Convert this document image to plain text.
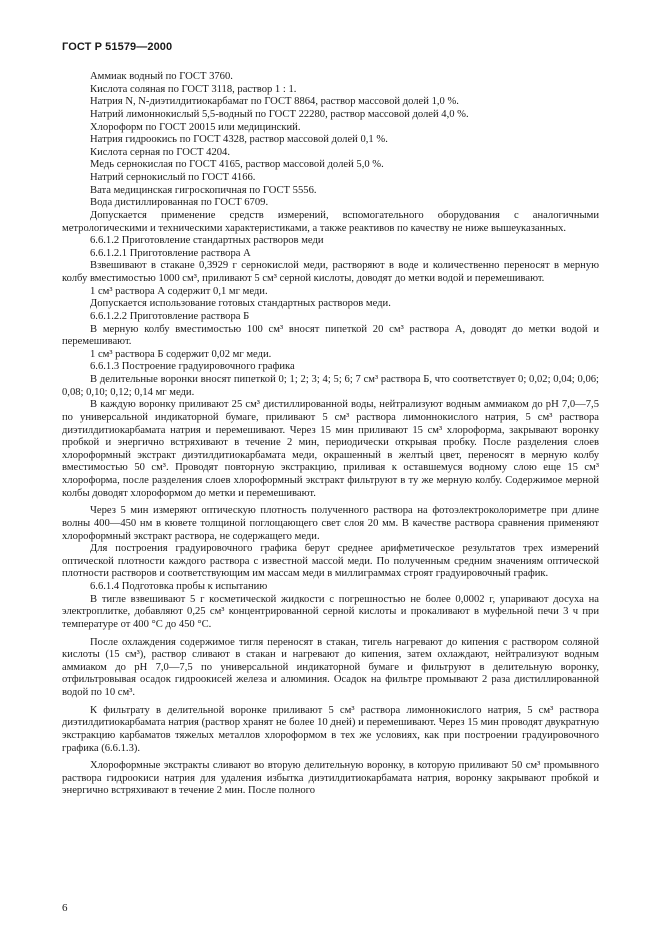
ГОСТ Р 51579—2000

Аммиак водный по ГОСТ 3760.

Кислота соляная по ГОСТ 3118, раствор 1 : 1.

Натрия N, N-диэтилдитиокарбамат по ГОСТ 8864, раствор массовой долей 1,0 %.

Натрий лимоннокислый 5,5-водный по ГОСТ 22280, раствор массовой долей 4,0 %.

Хлороформ по ГОСТ 20015 или медицинский.

Натрия гидроокись по ГОСТ 4328, раствор массовой долей 0,1 %.

Кислота серная по ГОСТ 4204.

Медь сернокислая по ГОСТ 4165, раствор массовой долей 5,0 %.

Натрий сернокислый по ГОСТ 4166.

Вата медицинская гигроскопичная по ГОСТ 5556.

Вода дистиллированная по ГОСТ 6709.

Допускается применение средств измерений, вспомогательного оборудования с аналогичными метрологическими и техническими характеристиками, а также реактивов по качеству не ниже вышеуказанных.

6.6.1.2 Приготовление стандартных растворов меди

6.6.1.2.1 Приготовление раствора А

Взвешивают в стакане 0,3929 г сернокислой меди, растворяют в воде и количественно переносят в мерную колбу вместимостью 1000 см³, приливают 5 см³ серной кислоты, доводят до метки водой и перемешивают.

1 см³ раствора А содержит 0,1 мг меди.

Допускается использование готовых стандартных растворов меди.

6.6.1.2.2 Приготовление раствора Б

В мерную колбу вместимостью 100 см³ вносят пипеткой 20 см³ раствора А, доводят до метки водой и перемешивают.

1 см³ раствора Б содержит 0,02 мг меди.

6.6.1.3 Построение градуировочного графика

В делительные воронки вносят пипеткой 0; 1; 2; 3; 4; 5; 6; 7 см³ раствора Б, что соответствует 0; 0,02; 0,04; 0,06; 0,08; 0,10; 0,12; 0,14 мг меди.

В каждую воронку приливают 25 см³ дистиллированной воды, нейтрализуют водным аммиаком до pH 7,0—7,5 по универсальной индикаторной бумаге, приливают 5 см³ раствора лимоннокислого натрия, 5 см³ раствора диэтилдитиокарбамата натрия и перемешивают. Через 15 мин приливают 15 см³ хлороформа, закрывают воронку пробкой и энергично встряхивают в течение 2 мин, периодически открывая пробку. После разделения слоев хлороформный экстракт диэтилдитиокарбамата меди, окрашенный в желтый цвет, переносят в мерную колбу вместимостью 50 см³. Проводят повторную экстракцию, приливая к оставшемуся водному слою еще 15 см³ хлороформа, после разделения слоев хлороформный экстракт фильтруют в ту же мерную колбу. Содержимое мерной колбы доводят хлороформом до метки и перемешивают.

Через 5 мин измеряют оптическую плотность полученного раствора на фотоэлектроколориметре при длине волны 400—450 нм в кювете толщиной поглощающего свет слоя 20 мм. В качестве раствора сравнения применяют хлороформный экстракт раствора, не содержащего меди.

Для построения градуировочного графика берут среднее арифметическое результатов трех измерений оптической плотности каждого раствора с известной массой меди. По полученным средним значениям оптической плотности растворов и соответствующим им массам меди в миллиграммах строят градуировочный график.

6.6.1.4 Подготовка пробы к испытанию

В тигле взвешивают 5 г косметической жидкости с погрешностью не более 0,0002 г, упаривают досуха на электроплитке, добавляют 0,25 см³ концентрированной серной кислоты и прокаливают в муфельной печи 3 ч при температуре от 400 °С до 450 °С.

После охлаждения содержимое тигля переносят в стакан, тигель нагревают до кипения с раствором соляной кислоты (15 см³), раствор сливают в стакан и нагревают до кипения, затем охлаждают, нейтрализуют водным аммиаком до pH 7,0—7,5 по универсальной индикаторной бумаге и фильтруют в делительную воронку, отфильтровывая осадок гидроокисей железа и алюминия. Осадок на фильтре промывают 2 раза дистиллированной водой по 10 см³.

К фильтрату в делительной воронке приливают 5 см³ раствора лимоннокислого натрия, 5 см³ раствора диэтилдитиокарбамата натрия (раствор хранят не более 10 дней) и перемешивают. Через 15 мин проводят двукратную экстракцию карбаматов тяжелых металлов хлороформом в тех же условиях, как при построении градуировочного графика (6.6.1.3).

Хлороформные экстракты сливают во вторую делительную воронку, в которую приливают 50 см³ промывного раствора гидроокиси натрия для удаления избытка диэтилдитиокарбамата натрия, воронку закрывают пробкой и энергично встряхивают в течение 2 мин. После полного

6
